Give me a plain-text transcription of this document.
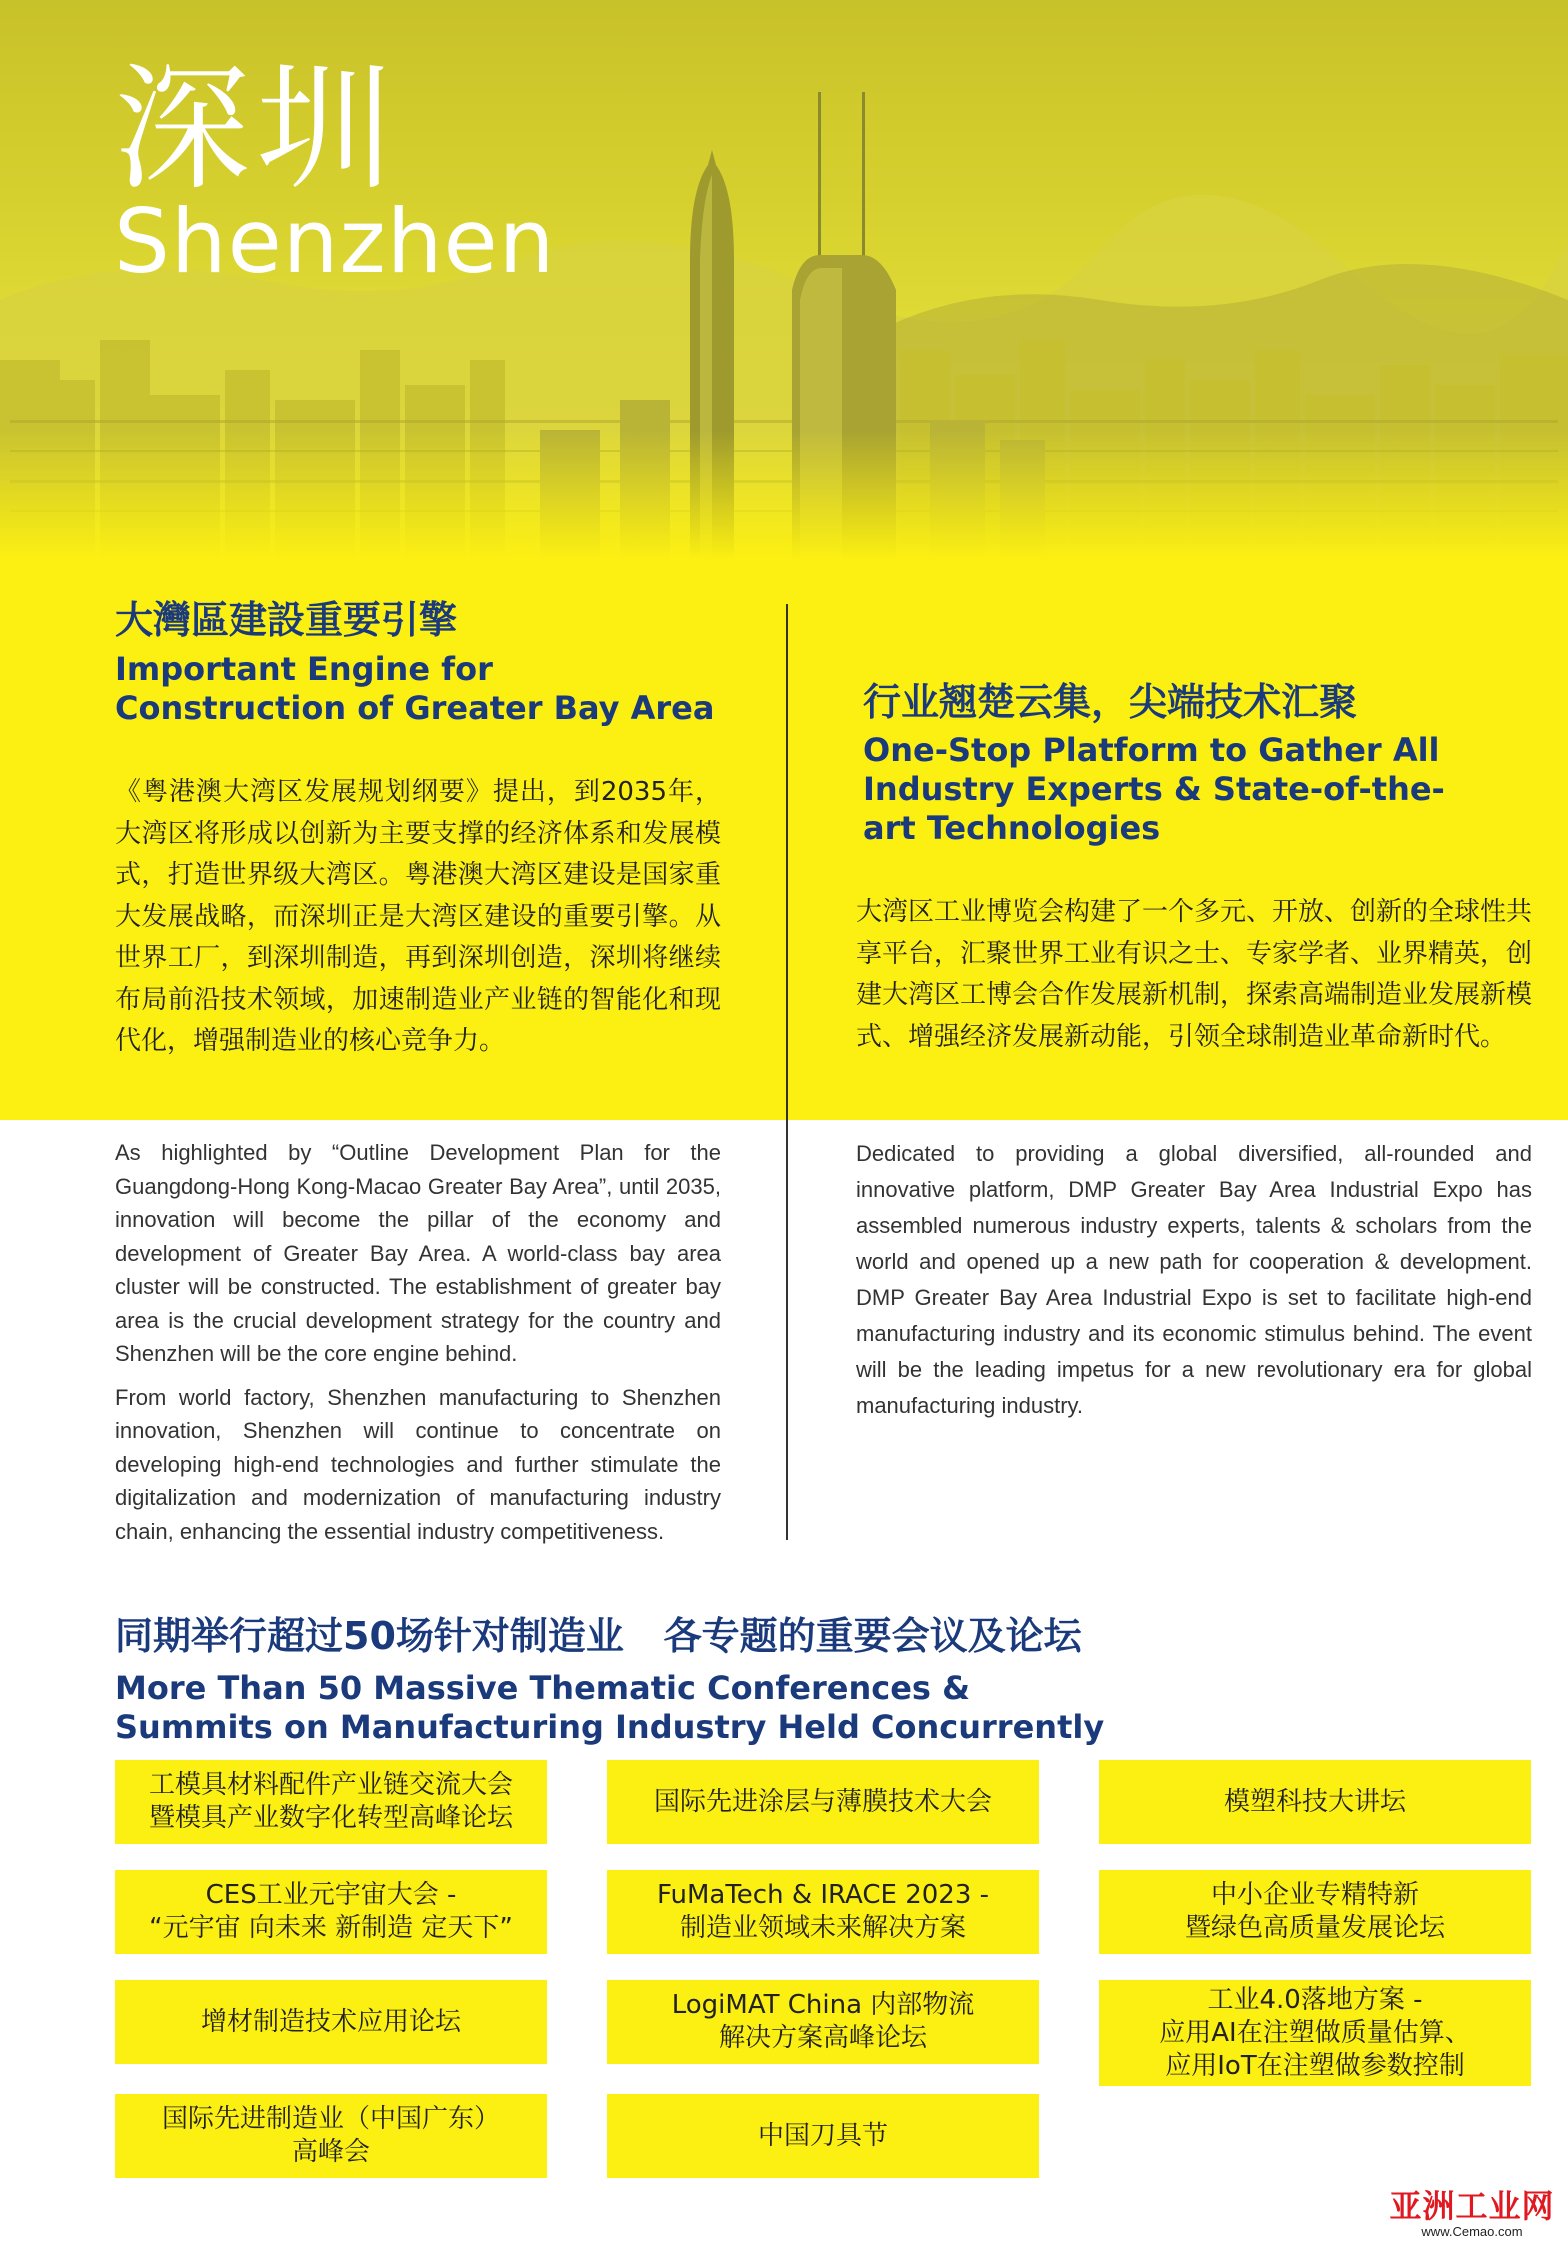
深圳
Shenzhen
大灣區建設重要引擎
Important Engine for Construction of Greater Bay Area
《粤港澳大湾区发展规划纲要》提出，到2035年，大湾区将形成以创新为主要支撑的经济体系和发展模式，打造世界级大湾区。粤港澳大湾区建设是国家重大发展战略，而深圳正是大湾区建设的重要引擎。从世界工厂，到深圳制造，再到深圳创造，深圳将继续布局前沿技术领域，加速制造业产业链的智能化和现代化，增强制造业的核心竞争力。

As highlighted by “Outline Development Plan for the Guangdong-Hong Kong-Macao Greater Bay Area”, until 2035, innovation will become the pillar of the economy and development of Greater Bay Area. A world-class bay area cluster will be constructed. The establishment of greater bay area is the crucial development strategy for the country and Shenzhen will be the core engine behind.

From world factory, Shenzhen manufacturing to Shenzhen innovation, Shenzhen will continue to concentrate on developing high-end technologies and further stimulate the digitalization and modernization of manufacturing industry chain, enhancing the essential industry competitiveness.

行业翘楚云集，尖端技术汇聚
One-Stop Platform to Gather All Industry Experts & State-of-the-art Technologies
大湾区工业博览会构建了一个多元、开放、创新的全球性共享平台，汇聚世界工业有识之士、专家学者、业界精英，创建大湾区工博会合作发展新机制，探索高端制造业发展新模式、增强经济发展新动能，引领全球制造业革命新时代。
Dedicated to providing a global diversified, all-rounded and innovative platform, DMP Greater Bay Area Industrial Expo has assembled numerous industry experts, talents & scholars from the world and opened up a new path for cooperation & development. DMP Greater Bay Area Industrial Expo is set to facilitate high-end manufacturing industry and its economic stimulus behind. The event will be the leading impetus for a new revolutionary era for global manufacturing industry.
同期举行超过50场针对制造业   各专题的重要会议及论坛
More Than 50 Massive Thematic Conferences & Summits on Manufacturing Industry Held Concurrently
工模具材料配件产业链交流大会
暨模具产业数字化转型高峰论坛
国际先进涂层与薄膜技术大会	模塑科技大讲坛
CES工业元宇宙大会 -
“元宇宙 向未来 新制造 定天下”
FuMaTech & IRACE 2023 -
制造业领域未来解决方案
中小企业专精特新
暨绿色高质量发展论坛
增材制造技术应用论坛
LogiMAT China 内部物流
解决方案高峰论坛
工业4.0落地方案 -
应用AI在注塑做质量估算、
应用IoT在注塑做参数控制
国际先进制造业（中国广东）
高峰会
中国刀具节
亚洲工业网
www.Cemao.com
